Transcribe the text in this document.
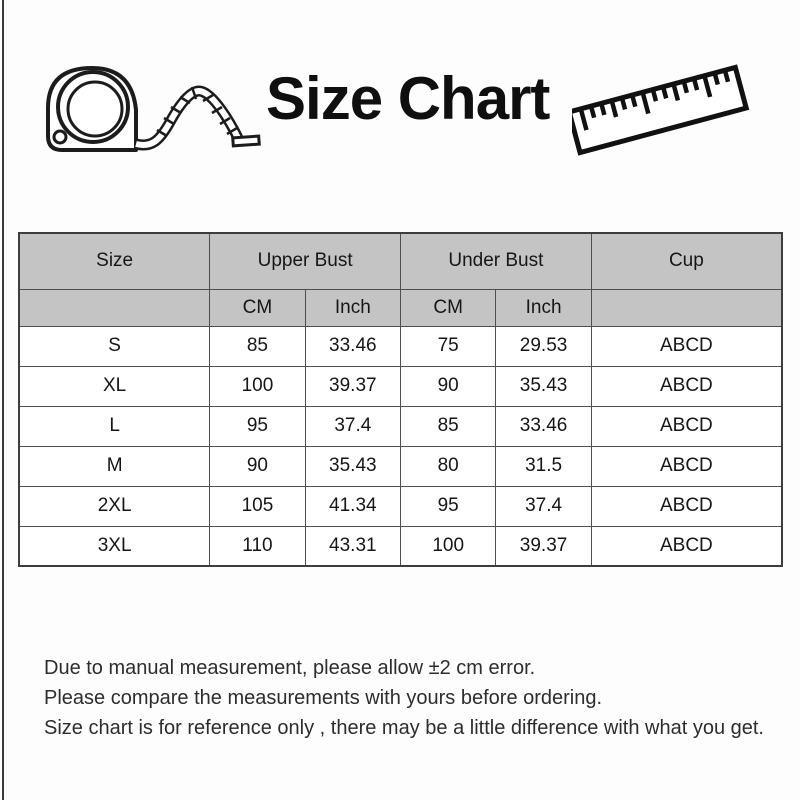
Size Chart
Size	Upper Bust		Under Bust		Cup
	CM	Inch	CM	Inch	
S	85	33.46	75	29.53	ABCD
XL	100	39.37	90	35.43	ABCD
L	95	37.4	85	33.46	ABCD
M	90	35.43	80	31.5	ABCD
2XL	105	41.34	95	37.4	ABCD
3XL	110	43.31	100	39.37	ABCD

Due to manual measurement, please allow ±2 cm error.

Please compare the measurements with yours before ordering.

Size chart is for reference only , there may be a little difference with what you get.
